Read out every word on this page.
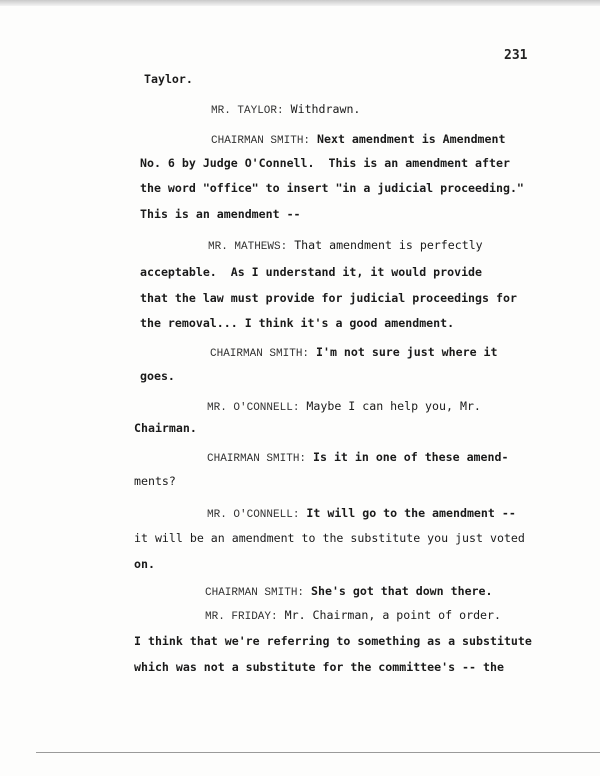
231
Taylor.
MR. TAYLOR: Withdrawn.
CHAIRMAN SMITH: Next amendment is Amendment
No. 6 by Judge O'Connell.  This is an amendment after
the word "office" to insert "in a judicial proceeding."
This is an amendment --
MR. MATHEWS: That amendment is perfectly
acceptable.  As I understand it, it would provide
that the law must provide for judicial proceedings for
the removal... I think it's a good amendment.
CHAIRMAN SMITH: I'm not sure just where it
goes.
MR. O'CONNELL: Maybe I can help you, Mr.
Chairman.
CHAIRMAN SMITH: Is it in one of these amend-
ments?
MR. O'CONNELL: It will go to the amendment --
it will be an amendment to the substitute you just voted
on.
CHAIRMAN SMITH: She's got that down there.
MR. FRIDAY: Mr. Chairman, a point of order.
I think that we're referring to something as a substitute
which was not a substitute for the committee's -- the
